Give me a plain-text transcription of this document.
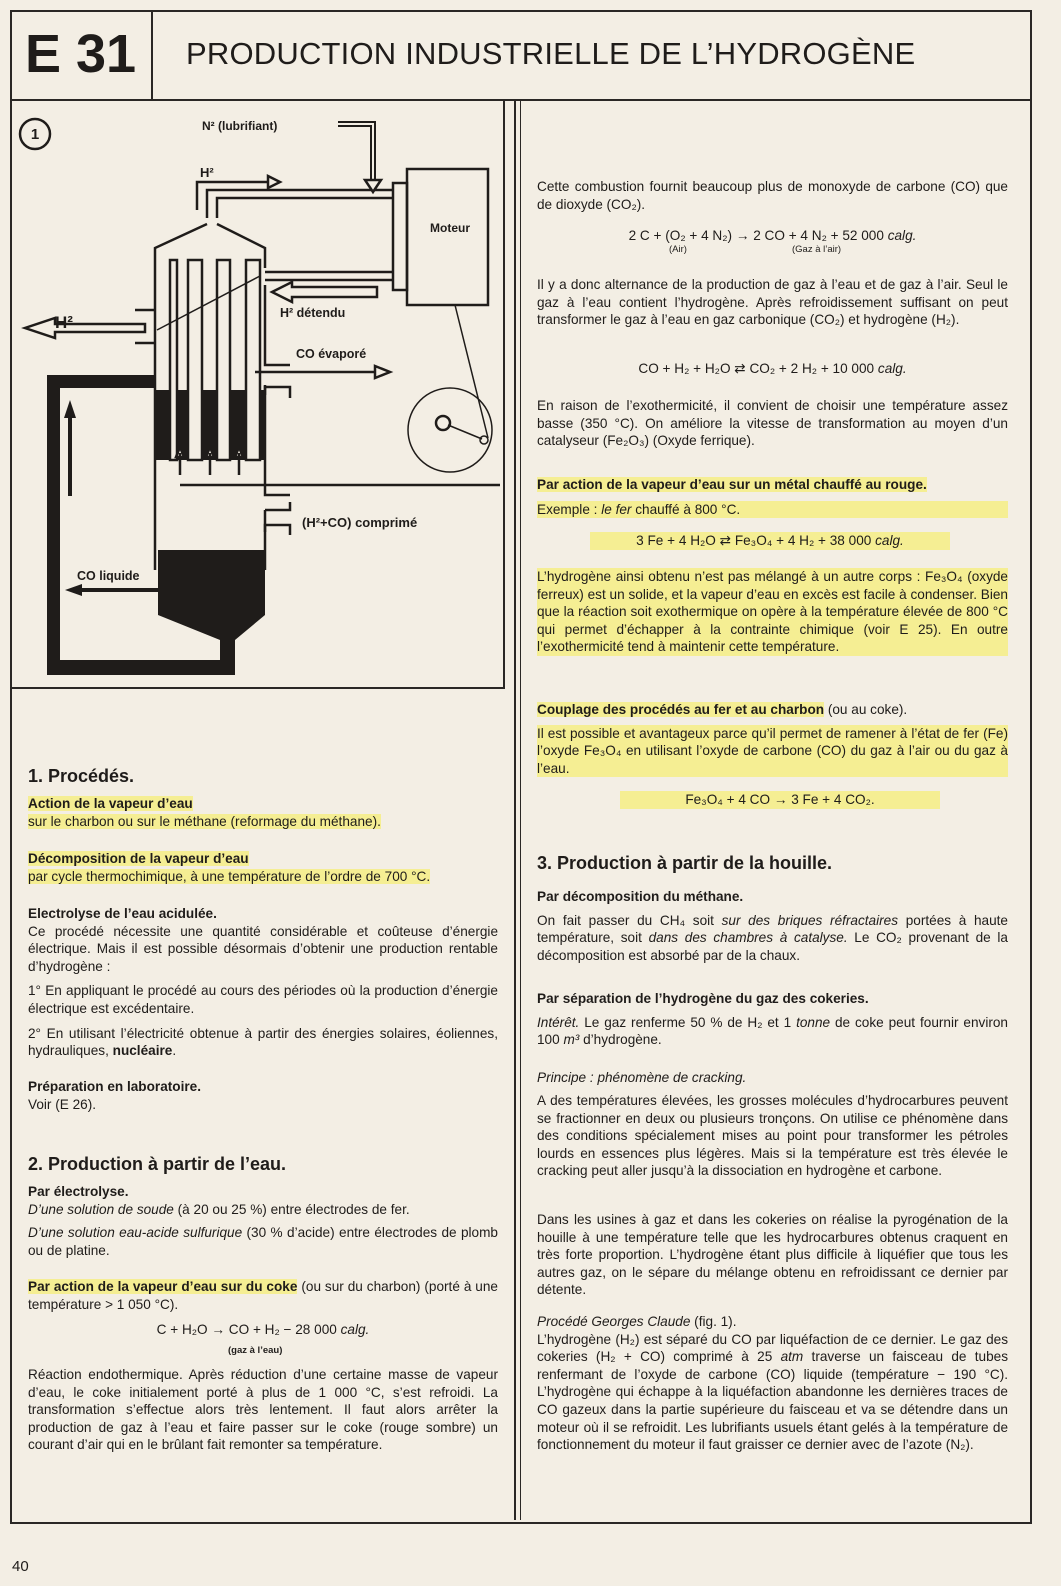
E 31	PRODUCTION INDUSTRIELLE DE L’HYDROGÈNE
1	N² (lubrifiant)
H²
Moteur
H²	H² détendu
CO évaporé
(H²+CO) comprimé
CO liquide
1. Procédés.

Action de la vapeur d’eau

sur le charbon ou sur le méthane (reformage du méthane).

Décomposition de la vapeur d’eau

par cycle thermochimique, à une température de l’ordre de 700 °C.

Electrolyse de l’eau acidulée.

Ce procédé nécessite une quantité considérable et coûteuse d’énergie électrique. Mais il est possible désormais d’obtenir une production rentable d’hydrogène :

1° En appliquant le procédé au cours des périodes où la production d’énergie électrique est excédentaire.

2° En utilisant l’électricité obtenue à partir des énergies solaires, éoliennes, hydrauliques, nucléaire.

Préparation en laboratoire.

Voir (E 26).

2. Production à partir de l’eau.

Par électrolyse.

D’une solution de soude (à 20 ou 25 %) entre électrodes de fer.

D’une solution eau-acide sulfurique (30 % d’acide) entre électrodes de plomb ou de platine.

Par action de la vapeur d’eau sur du coke (ou sur du charbon) (porté à une température > 1 050 °C).

C + H₂O → CO + H₂ − 28 000 calg.
(gaz à l’eau)
Réaction endothermique. Après réduction d’une certaine masse de vapeur d’eau, le coke initialement porté à plus de 1 000 °C, s’est refroidi. La transformation s’effectue alors très lentement. Il faut alors arrêter la production de gaz à l’eau et faire passer sur le coke (rouge sombre) un courant d’air qui en le brûlant fait remonter sa température.
Cette combustion fournit beaucoup plus de monoxyde de carbone (CO) que de dioxyde (CO₂).
2 C + (O₂ + 4 N₂) → 2 CO + 4 N₂ + 52 000 calg.
(Air)	(Gaz à l’air)
Il y a donc alternance de la production de gaz à l’eau et de gaz à l’air. Seul le gaz à l’eau contient l’hydrogène. Après refroidissement suffisant on peut transformer le gaz à l’eau en gaz carbonique (CO₂) et hydrogène (H₂).
CO + H₂ + H₂O ⇄ CO₂ + 2 H₂ + 10 000 calg.
En raison de l’exothermicité, il convient de choisir une température assez basse (350 °C). On améliore la vitesse de transformation au moyen d’un catalyseur (Fe₂O₃) (Oxyde ferrique).

Par action de la vapeur d’eau sur un métal chauffé au rouge.

Exemple : le fer chauffé à 800 °C.

3 Fe + 4 H₂O ⇄ Fe₃O₄ + 4 H₂ + 38 000 calg.
L’hydrogène ainsi obtenu n’est pas mélangé à un autre corps : Fe₃O₄ (oxyde ferreux) est un solide, et la vapeur d’eau en excès est facile à condenser. Bien que la réaction soit exothermique on opère à la température élevée de 800 °C qui permet d’échapper à la contrainte chimique (voir E 25). En outre l’exothermicité tend à maintenir cette température.

Couplage des procédés au fer et au charbon (ou au coke).

Il est possible et avantageux parce qu’il permet de ramener à l’état de fer (Fe) l’oxyde Fe₃O₄ en utilisant l’oxyde de carbone (CO) du gaz à l’air ou du gaz à l’eau.

Fe₃O₄ + 4 CO → 3 Fe + 4 CO₂.
3. Production à partir de la houille.

Par décomposition du méthane.

On fait passer du CH₄ soit sur des briques réfractaires portées à haute température, soit dans des chambres à catalyse. Le CO₂ provenant de la décomposition est absorbé par de la chaux.

Par séparation de l’hydrogène du gaz des cokeries.

Intérêt. Le gaz renferme 50 % de H₂ et 1 tonne de coke peut fournir environ 100 m³ d’hydrogène.

Principe : phénomène de cracking.
A des températures élevées, les grosses molécules d’hydrocarbures peuvent se fractionner en deux ou plusieurs tronçons. On utilise ce phénomène dans des conditions spécialement mises au point pour transformer les pétroles lourds en essences plus légères. Mais si la température est très élevée le cracking peut aller jusqu’à la dissociation en hydrogène et carbone.
Dans les usines à gaz et dans les cokeries on réalise la pyrogénation de la houille à une température telle que les hydrocarbures obtenus craquent en très forte proportion. L’hydrogène étant plus difficile à liquéfier que tous les autres gaz, on le sépare du mélange obtenu en refroidissant ce dernier par détente.

Procédé Georges Claude (fig. 1).

L’hydrogène (H₂) est séparé du CO par liquéfaction de ce dernier. Le gaz des cokeries (H₂ + CO) comprimé à 25 atm traverse un faisceau de tubes renfermant de l’oxyde de carbone (CO) liquide (température − 190 °C). L’hydrogène qui échappe à la liquéfaction abandonne les dernières traces de CO gazeux dans la partie supérieure du faisceau et va se détendre dans un moteur où il se refroidit. Les lubrifiants usuels étant gelés à la température de fonctionnement du moteur il faut graisser ce dernier avec de l’azote (N₂).

40
